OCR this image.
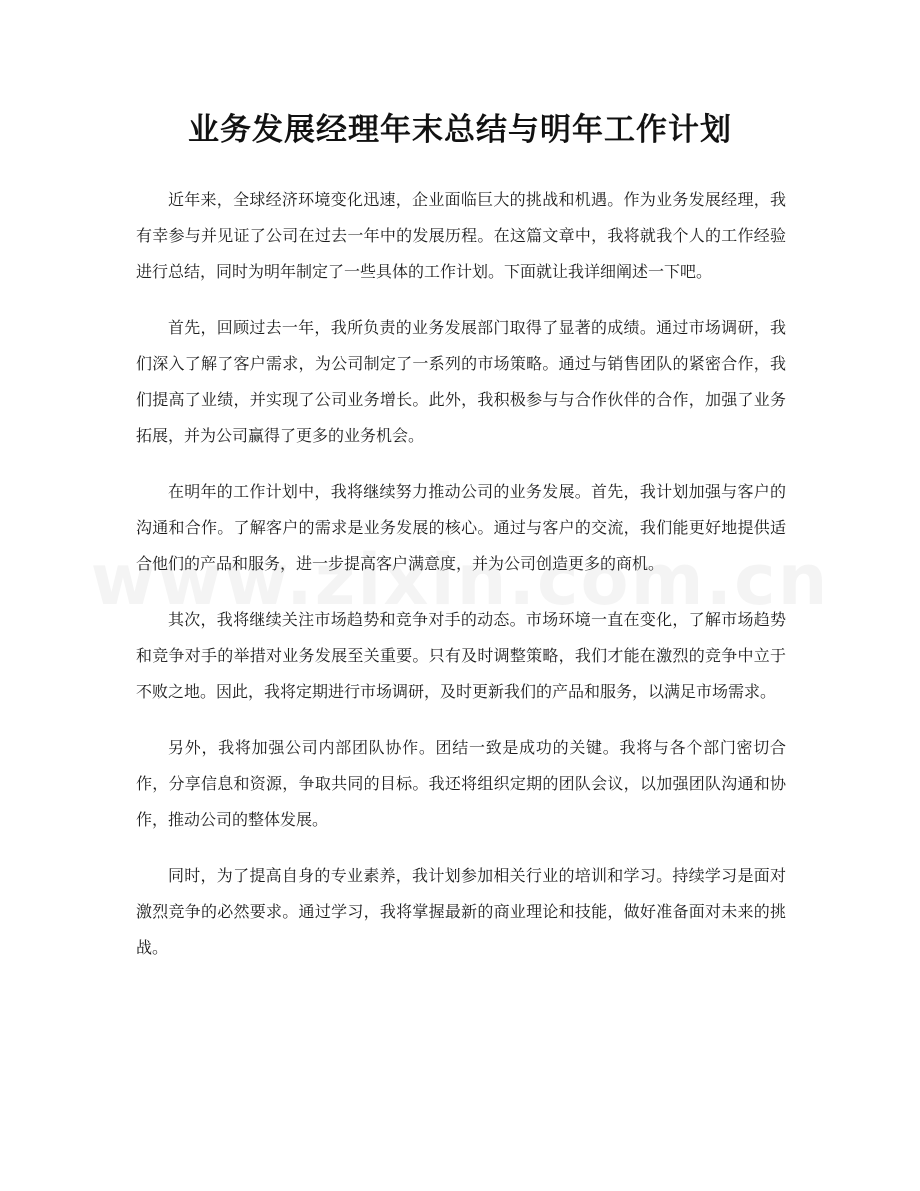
业务发展经理年末总结与明年工作计划

近年来，全球经济环境变化迅速，企业面临巨大的挑战和机遇。作为业务发展经理，我有幸参与并见证了公司在过去一年中的发展历程。在这篇文章中，我将就我个人的工作经验进行总结，同时为明年制定了一些具体的工作计划。下面就让我详细阐述一下吧。

首先，回顾过去一年，我所负责的业务发展部门取得了显著的成绩。通过市场调研，我们深入了解了客户需求，为公司制定了一系列的市场策略。通过与销售团队的紧密合作，我们提高了业绩，并实现了公司业务增长。此外，我积极参与与合作伙伴的合作，加强了业务拓展，并为公司赢得了更多的业务机会。

在明年的工作计划中，我将继续努力推动公司的业务发展。首先，我计划加强与客户的沟通和合作。了解客户的需求是业务发展的核心。通过与客户的交流，我们能更好地提供适合他们的产品和服务，进一步提高客户满意度，并为公司创造更多的商机。

其次，我将继续关注市场趋势和竞争对手的动态。市场环境一直在变化，了解市场趋势和竞争对手的举措对业务发展至关重要。只有及时调整策略，我们才能在激烈的竞争中立于不败之地。因此，我将定期进行市场调研，及时更新我们的产品和服务，以满足市场需求。

另外，我将加强公司内部团队协作。团结一致是成功的关键。我将与各个部门密切合作，分享信息和资源，争取共同的目标。我还将组织定期的团队会议，以加强团队沟通和协作，推动公司的整体发展。

同时，为了提高自身的专业素养，我计划参加相关行业的培训和学习。持续学习是面对激烈竞争的必然要求。通过学习，我将掌握最新的商业理论和技能，做好准备面对未来的挑战。
